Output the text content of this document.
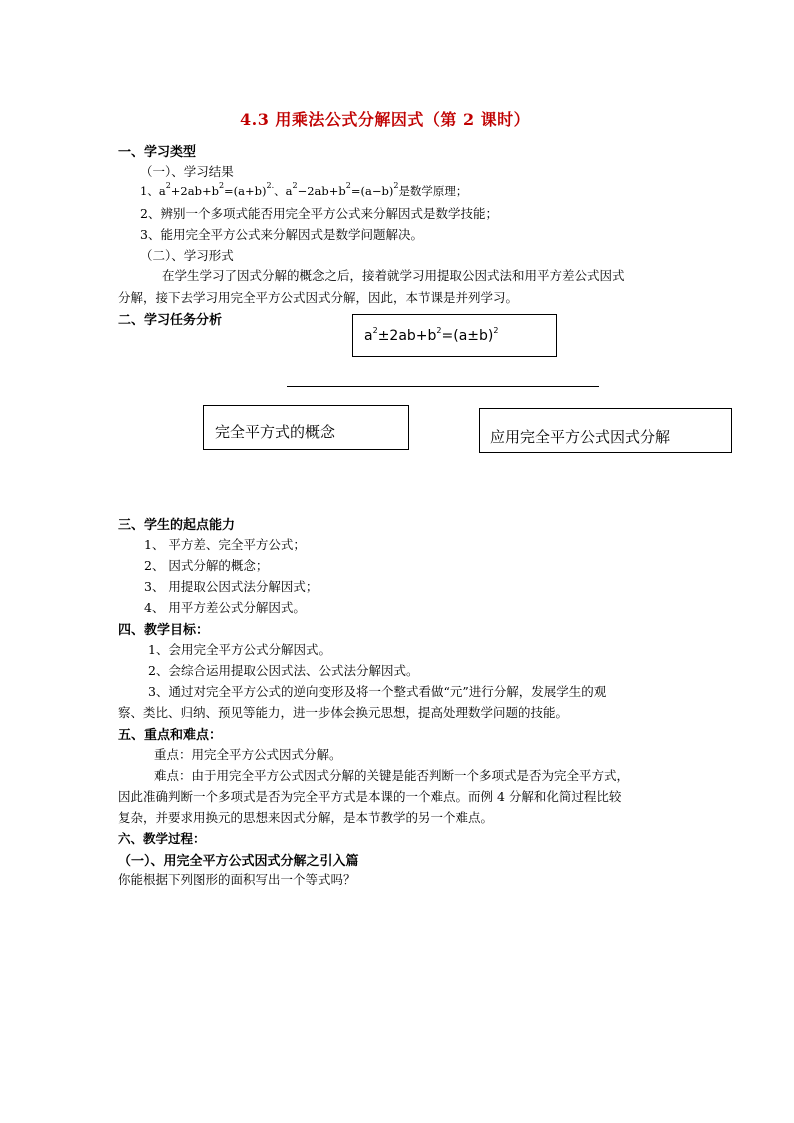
4.3 用乘法公式分解因式（第 2 课时）
一、学习类型
（一）、学习结果
1、$a^2+2ab+b^2=(a+b)^{2.}$、$a^2-2ab+b^2=(a-b)^2$是数学原理；
2、辨别一个多项式能否用完全平方公式来分解因式是数学技能；
3、能用完全平方公式来分解因式是数学问题解决。
（二）、学习形式
在学生学习了因式分解的概念之后，接着就学习用提取公因式法和用平方差公式因式
分解，接下去学习用完全平方公式因式分解，因此，本节课是并列学习。
二、学习任务分析
$a^2\pm 2ab+b^2=(a\pm b)^2$
完全平方式的概念	应用完全平方公式因式分解
三、学生的起点能力
1、 平方差、完全平方公式；
2、 因式分解的概念；
3、 用提取公因式法分解因式；
4、 用平方差公式分解因式。
四、教学目标：
1、会用完全平方公式分解因式。
2、会综合运用提取公因式法、公式法分解因式。
3、通过对完全平方公式的逆向变形及将一个整式看做“元”进行分解，发展学生的观
察、类比、归纳、预见等能力，进一步体会换元思想，提高处理数学问题的技能。
五、重点和难点：
重点：用完全平方公式因式分解。
难点：由于用完全平方公式因式分解的关键是能否判断一个多项式是否为完全平方式，
因此准确判断一个多项式是否为完全平方式是本课的一个难点。而例 4 分解和化简过程比较
复杂，并要求用换元的思想来因式分解，是本节教学的另一个难点。
六、教学过程：
（一）、用完全平方公式因式分解之引入篇
你能根据下列图形的面积写出一个等式吗？
